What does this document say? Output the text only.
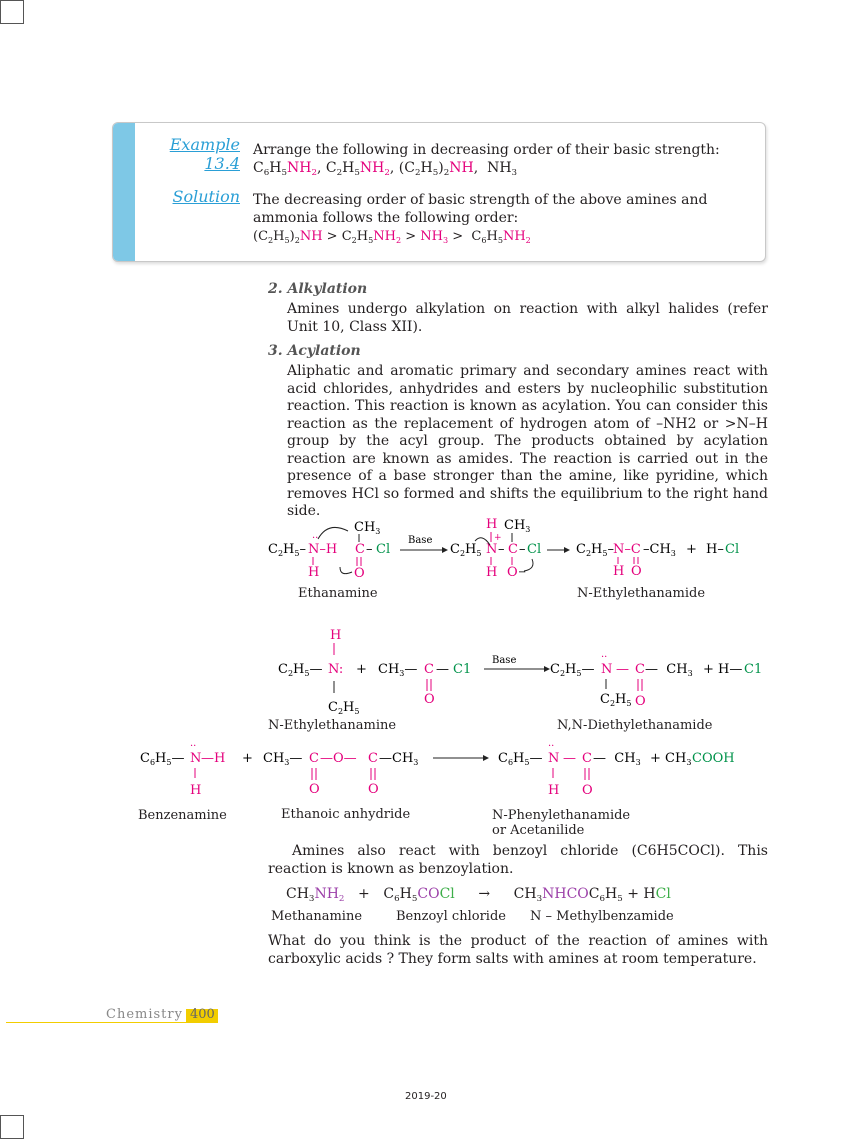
Example 13.4
Arrange the following in decreasing order of their basic strength:
$C_6H_5NH_2$, $C_2H_5NH_2$, $(C_2H_5)_2NH$,  $NH_3$
Solution The decreasing order of basic strength of the above amines and ammonia follows the following order:
$(C_2H_5)_2NH > C_2H_5NH_2 > NH_3 > C_6H_5NH_2$
2. Alkylation
Amines undergo alkylation on reaction with alkyl halides (refer Unit 10, Class XII).
3. Acylation
Aliphatic and aromatic primary and secondary amines react with acid chlorides, anhydrides and esters by nucleophilic substitution reaction. This reaction is known as acylation. You can consider this reaction as the replacement of hydrogen atom of –NH2 or >N–H group by the acyl group. The products obtained by acylation reaction are known as amides. The reaction is carried out in the presence of a base stronger than the amine, like pyridine, which removes HCl so formed and shifts the equilibrium to the right hand side.
$C_2H_5-$ N–H
··
H
$CH_3$
C – Cl
O
Base
$C_2H_5$ N
H
+
H
– C
$CH_3$
– Cl
O −
$C_2H_5-$ N–C $-CH_3 + H-$ Cl
H O
Ethanamine	N-Ethylethanamide
H
$C_2H_5—$ N:
$C_2H_5$
+ $CH_3—$ C — C1
O
Base
$C_2H_5—$ N
··
— C —  $CH_3$ + H— C1
$C_2H_5$ O
N-Ethylethanamine	N,N-Diethylethanamide
$C_6H_5—$ N
··
—H
H
+ $CH_3—$ C —O— C $—CH_3$
O	O
$C_6H_5—$ N
··
— C —  $CH_3 + CH_3$ COOH
H O
Benzenamine	Ethanoic anhydride	N-Phenylethanamide
or Acetanilide
Amines also react with benzoyl chloride (C6H5COCl). This reaction is known as benzoylation.
$CH_3NH_2$ + $C_6H_5COCl$ → $CH_3NHCOC_6H_5$ + HCl
Methanamine	Benzoyl chloride N – Methylbenzamide
What do you think is the product of the reaction of amines with carboxylic acids ? They form salts with amines at room temperature.
Chemistry 400
2019-20
